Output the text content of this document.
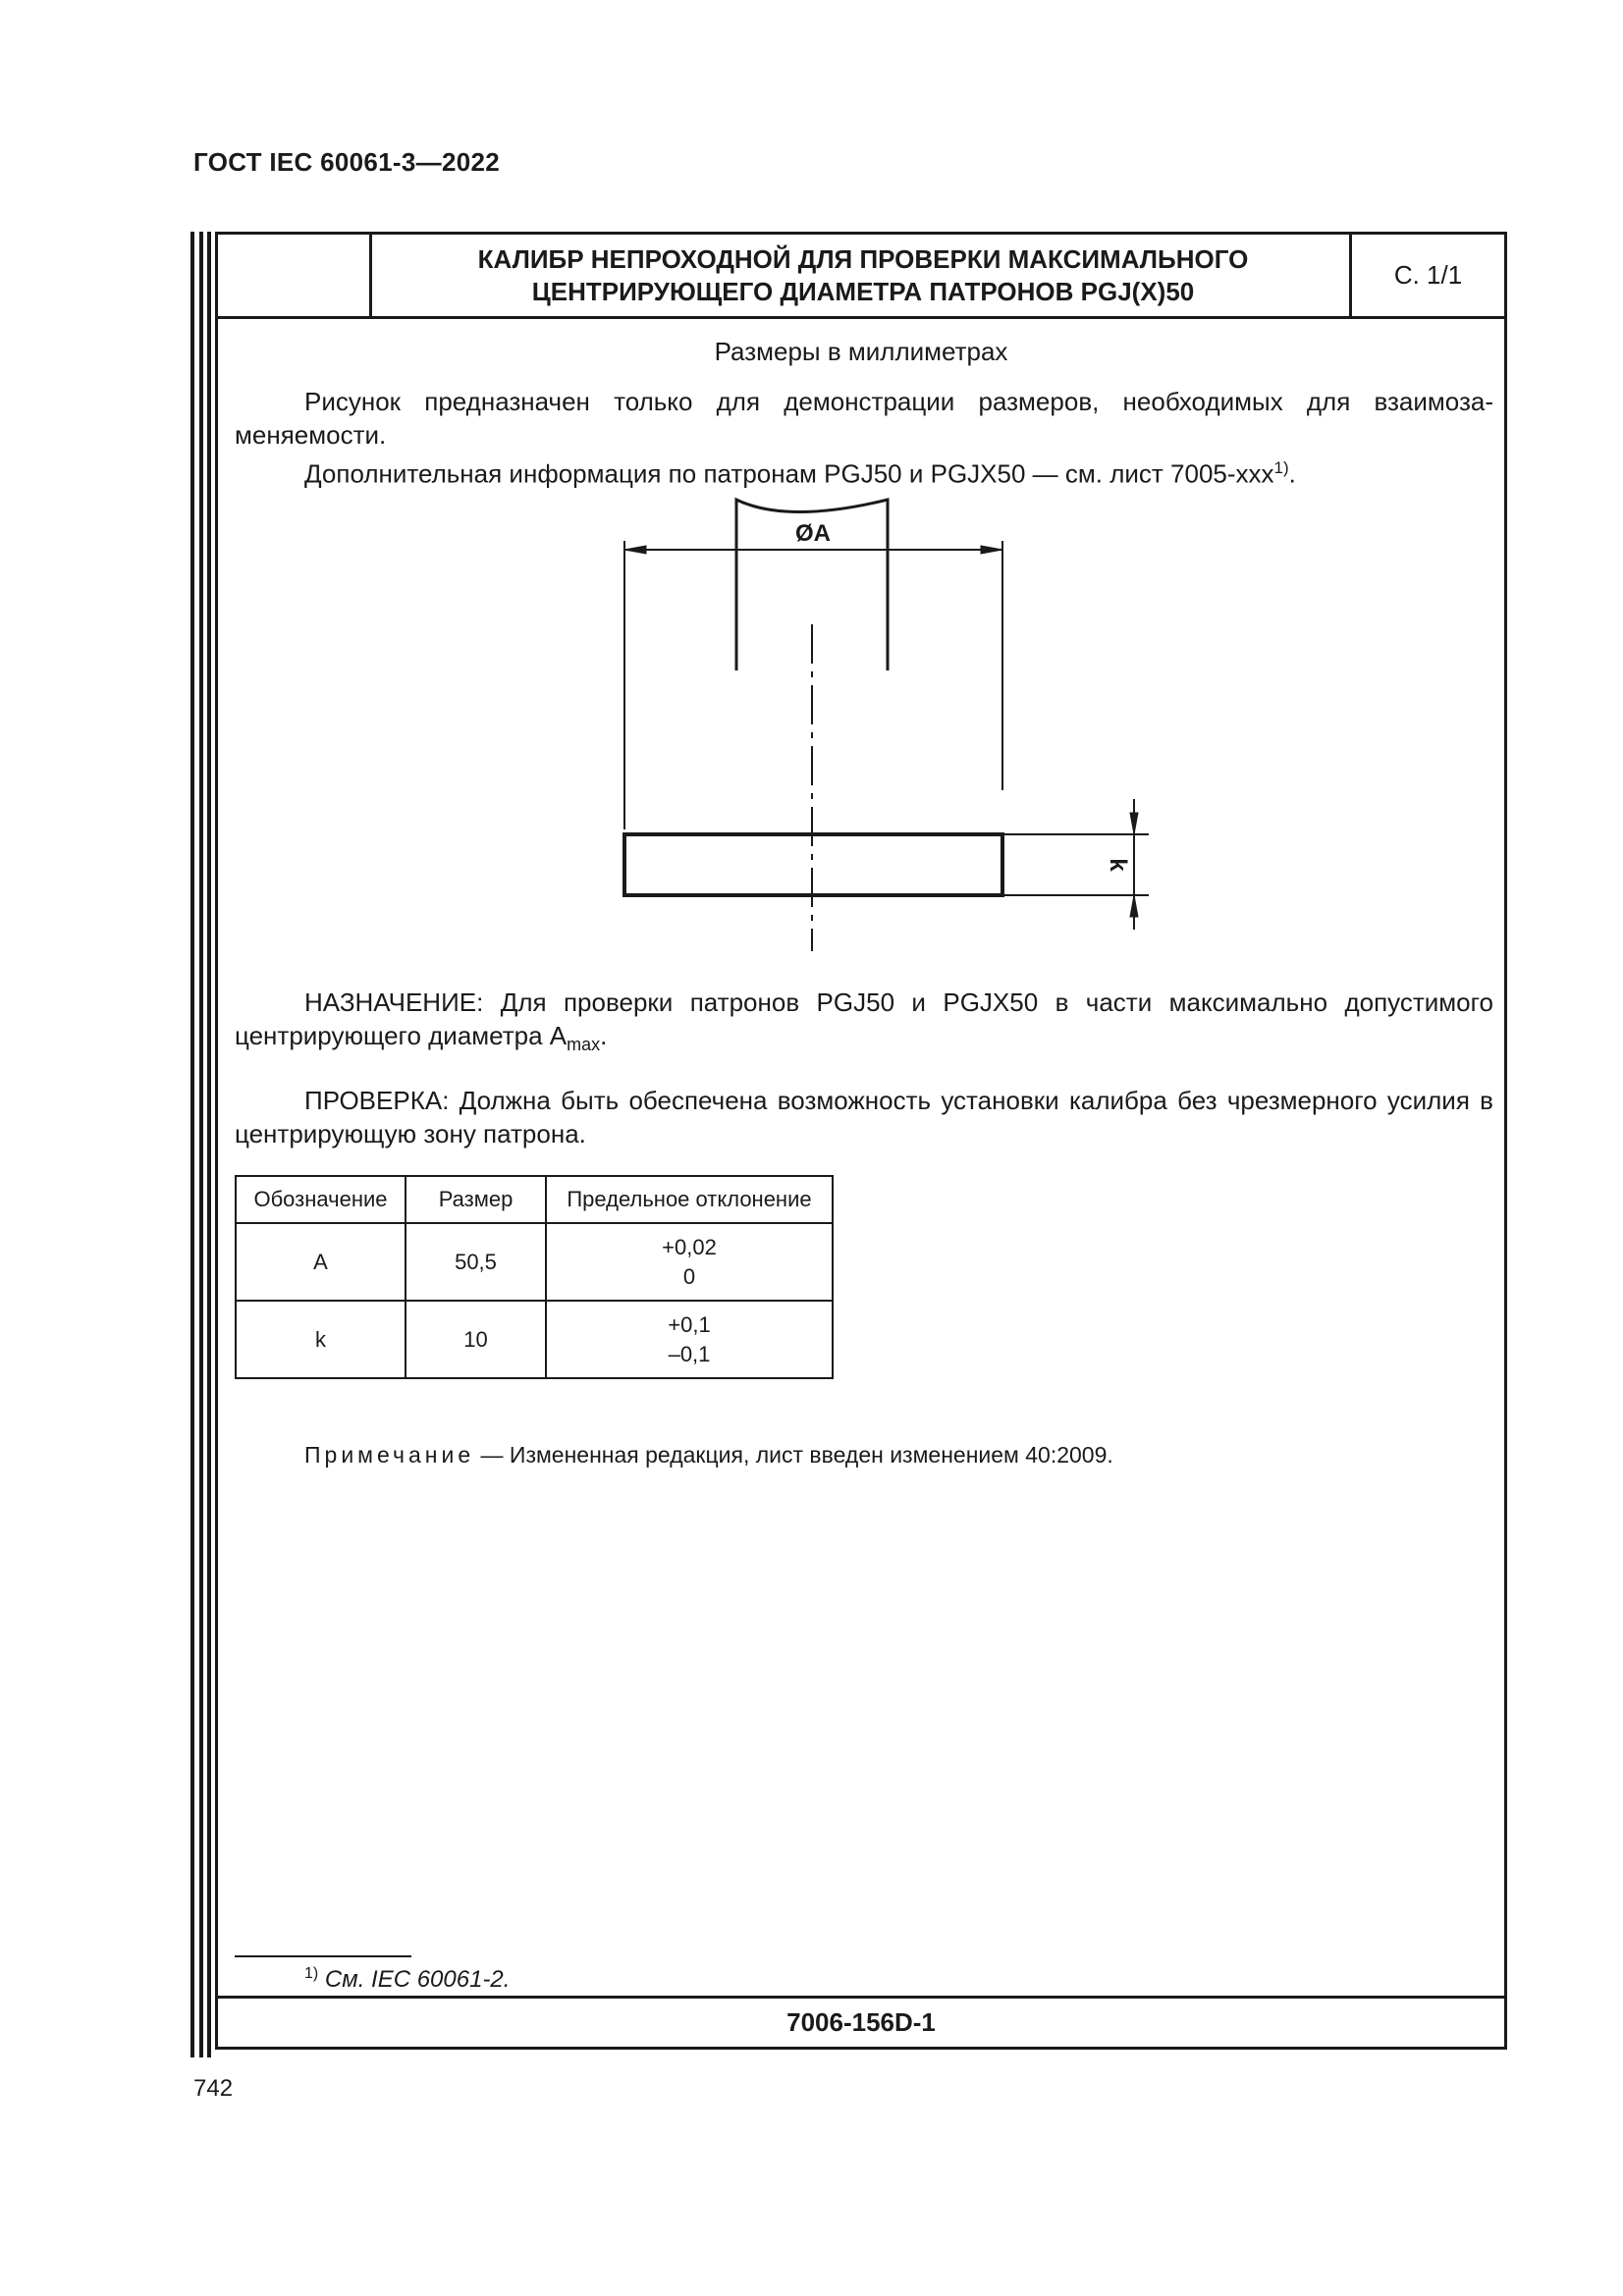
ГОСТ IEC 60061-3—2022
КАЛИБР НЕПРОХОДНОЙ ДЛЯ ПРОВЕРКИ МАКСИМАЛЬНОГО
ЦЕНТРИРУЮЩЕГО ДИАМЕТРА ПАТРОНОВ PGJ(X)50
С. 1/1
Размеры в миллиметрах
Рисунок предназначен только для демонстрации размеров, необходимых для взаимоза-меняемости.
Дополнительная информация по патронам PGJ50 и PGJX50 — см. лист 7005-ххх$^{1)}$.
ØA
k
НАЗНАЧЕНИЕ: Для проверки патронов PGJ50 и PGJX50 в части максимально допустимого центрирующего диаметра $A_{max}$.
ПРОВЕРКА: Должна быть обеспечена возможность установки калибра без чрезмерного усилия в центрирующую зону патрона.
Обозначение	Размер	Предельное отклонение
A	50,5	+0,02
0

k	10	+0,1
–0,1
Примечание — Измененная редакция, лист введен изменением 40:2009.
$^{1)}$ См. IEC 60061-2.
7006-156D-1
742
